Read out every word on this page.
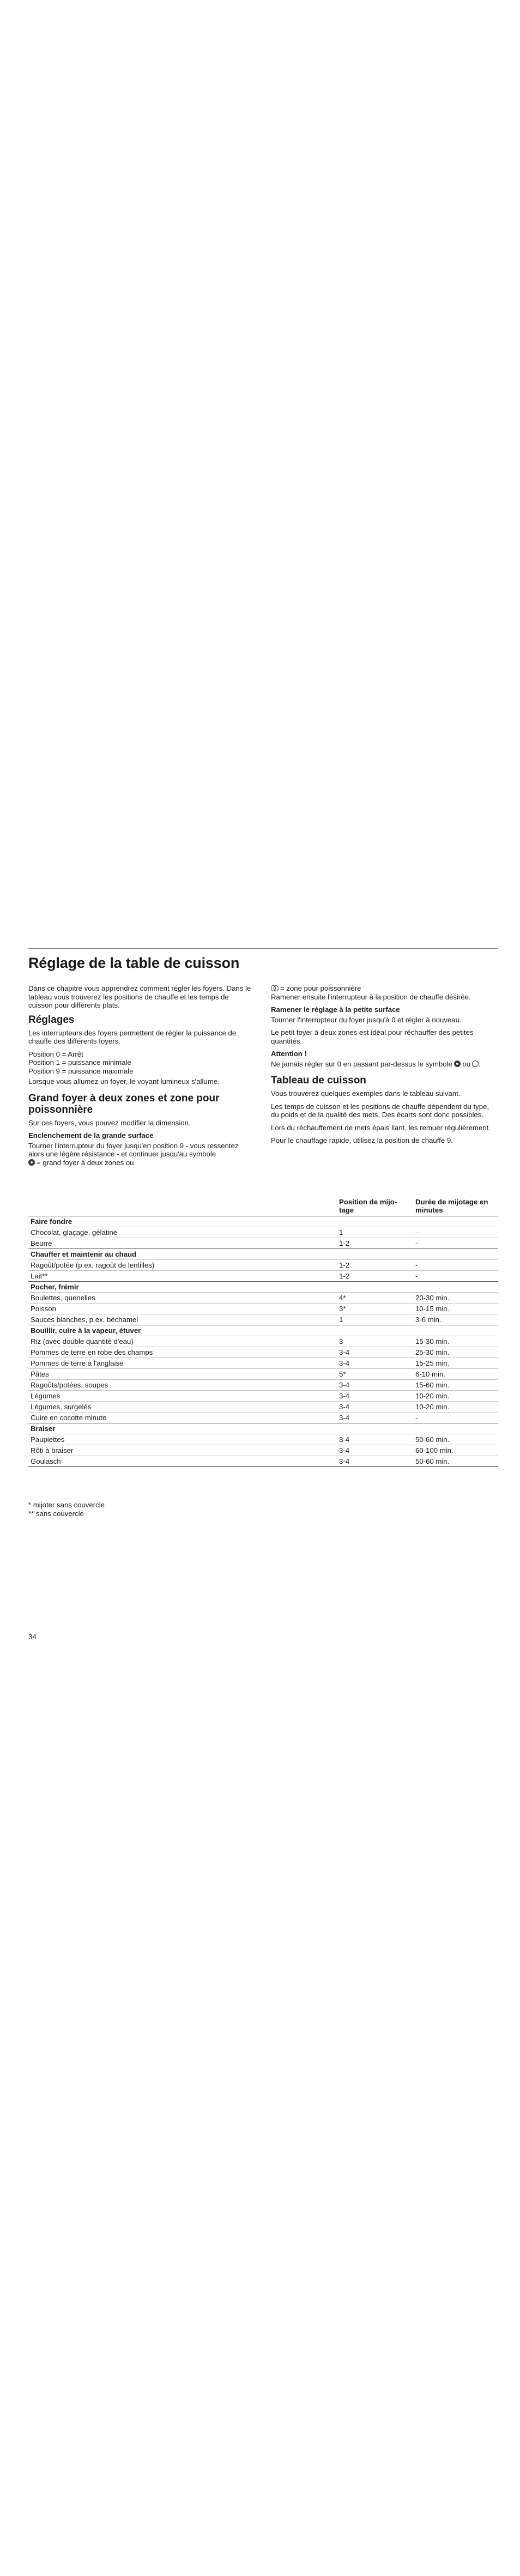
Réglage de la table de cuisson

Dans ce chapitre vous apprendrez comment régler les foyers. Dans le tableau vous trouverez les positions de chauffe et les temps de cuisson pour différents plats.

Réglages

Les interrupteurs des foyers permettent de régler la puissance de chauffe des différents foyers.

Position 0 = Arrêt
Position 1 = puissance minimale
Position 9 = puissance maximale

Lorsque vous allumez un foyer, le voyant lumineux s'allume.

Grand foyer à deux zones et zone pour poissonnière

Sur ces foyers, vous pouvez modifier la dimension.

Enclenchement de la grande surface

Tourner l'interrupteur du foyer jusqu'en position 9 - vous ressentez alors une légère résistance - et continuer jusqu'au symbole

= grand foyer à deux zones ou

= zone pour poissonnière

Ramener ensuite l'interrupteur à la position de chauffe désirée.

Ramener le réglage à la petite surface

Tourner l'interrupteur du foyer jusqu'à 0 et régler à nouveau.

Le petit foyer à deux zones est idéal pour réchauffer des petites quantités.

Attention !

Ne jamais régler sur 0 en passant par-dessus le symbole ou .

Tableau de cuisson

Vous trouverez quelques exemples dans le tableau suivant.

Les temps de cuisson et les positions de chauffe dépendent du type, du poids et de la qualité des mets. Des écarts sont donc possibles.

Lors du réchauffement de mets épais llant, les remuer régulièrement.

Pour le chauffage rapide, utilisez la position de chauffe 9.

	Position de mijo-tage	Durée de mijotage en minutes
Faire fondre		
Chocolat, glaçage, gélatine	1	-
Beurre	1-2	-
Chauffer et maintenir au chaud		
Ragoût/potée (p.ex. ragoût de lentilles)	1-2	-
Lait**	1-2	-
Pocher, frémir		
Boulettes, quenelles	4*	20-30 min.
Poisson	3*	10-15 min.
Sauces blanches, p.ex. béchamel	1	3-6 min.
Bouillir, cuire à la vapeur, étuver		
Riz (avec double quantité d'eau)	3	15-30 min.
Pommes de terre en robe des champs	3-4	25-30 min.
Pommes de terre à l'anglaise	3-4	15-25 min.
Pâtes	5*	6-10 min.
Ragoûts/potées, soupes	3-4	15-60 min.
Légumes	3-4	10-20 min.
Légumes, surgelés	3-4	10-20 min.
Cuire en cocotte minute	3-4	-
Braiser		
Paupiettes	3-4	50-60 min.
Rôti à braiser	3-4	60-100 min.
Goulasch	3-4	50-60 min.
* mijoter sans couvercle
** sans couvercle
34
